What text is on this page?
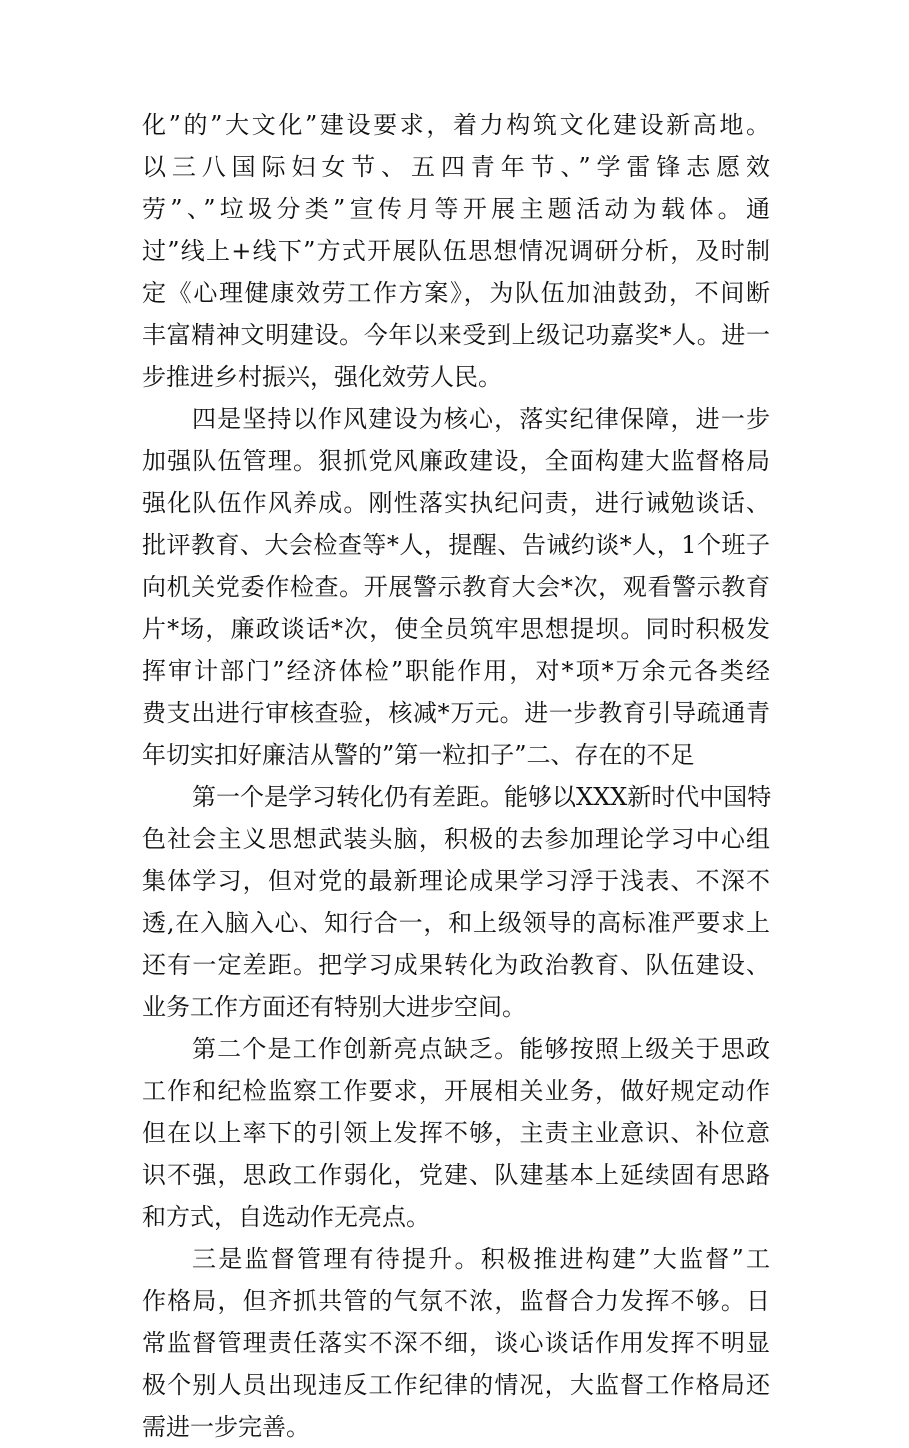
化”的”大文化”建设要求，着力构筑文化建设新高地。
以三八国际妇女节、五四青年节、”学雷锋志愿效
劳”、”垃圾分类”宣传月等开展主题活动为载体。通
过”线上+线下”方式开展队伍思想情况调研分析，及时制
定《心理健康效劳工作方案》，为队伍加油鼓劲，不间断
丰富精神文明建设。今年以来受到上级记功嘉奖*人。进一
步推进乡村振兴，强化效劳人民。
四是坚持以作风建设为核心，落实纪律保障，进一步
加强队伍管理。狠抓党风廉政建设，全面构建大监督格局
强化队伍作风养成。刚性落实执纪问责，进行诫勉谈话、
批评教育、大会检查等*人，提醒、告诫约谈*人，1个班子
向机关党委作检查。开展警示教育大会*次，观看警示教育
片*场，廉政谈话*次，使全员筑牢思想提坝。同时积极发
挥审计部门”经济体检”职能作用，对*项*万余元各类经
费支出进行审核查验，核减*万元。进一步教育引导疏通青
年切实扣好廉洁从警的”第一粒扣子”二、存在的不足
第一个是学习转化仍有差距。能够以XXX新时代中国特
色社会主义思想武装头脑，积极的去参加理论学习中心组
集体学习，但对党的最新理论成果学习浮于浅表、不深不
透,在入脑入心、知行合一，和上级领导的高标准严要求上
还有一定差距。把学习成果转化为政治教育、队伍建设、
业务工作方面还有特别大进步空间。
第二个是工作创新亮点缺乏。能够按照上级关于思政
工作和纪检监察工作要求，开展相关业务，做好规定动作
但在以上率下的引领上发挥不够，主责主业意识、补位意
识不强，思政工作弱化，党建、队建基本上延续固有思路
和方式，自选动作无亮点。
三是监督管理有待提升。积极推进构建”大监督”工
作格局，但齐抓共管的气氛不浓，监督合力发挥不够。日
常监督管理责任落实不深不细，谈心谈话作用发挥不明显
极个别人员出现违反工作纪律的情况，大监督工作格局还
需进一步完善。
